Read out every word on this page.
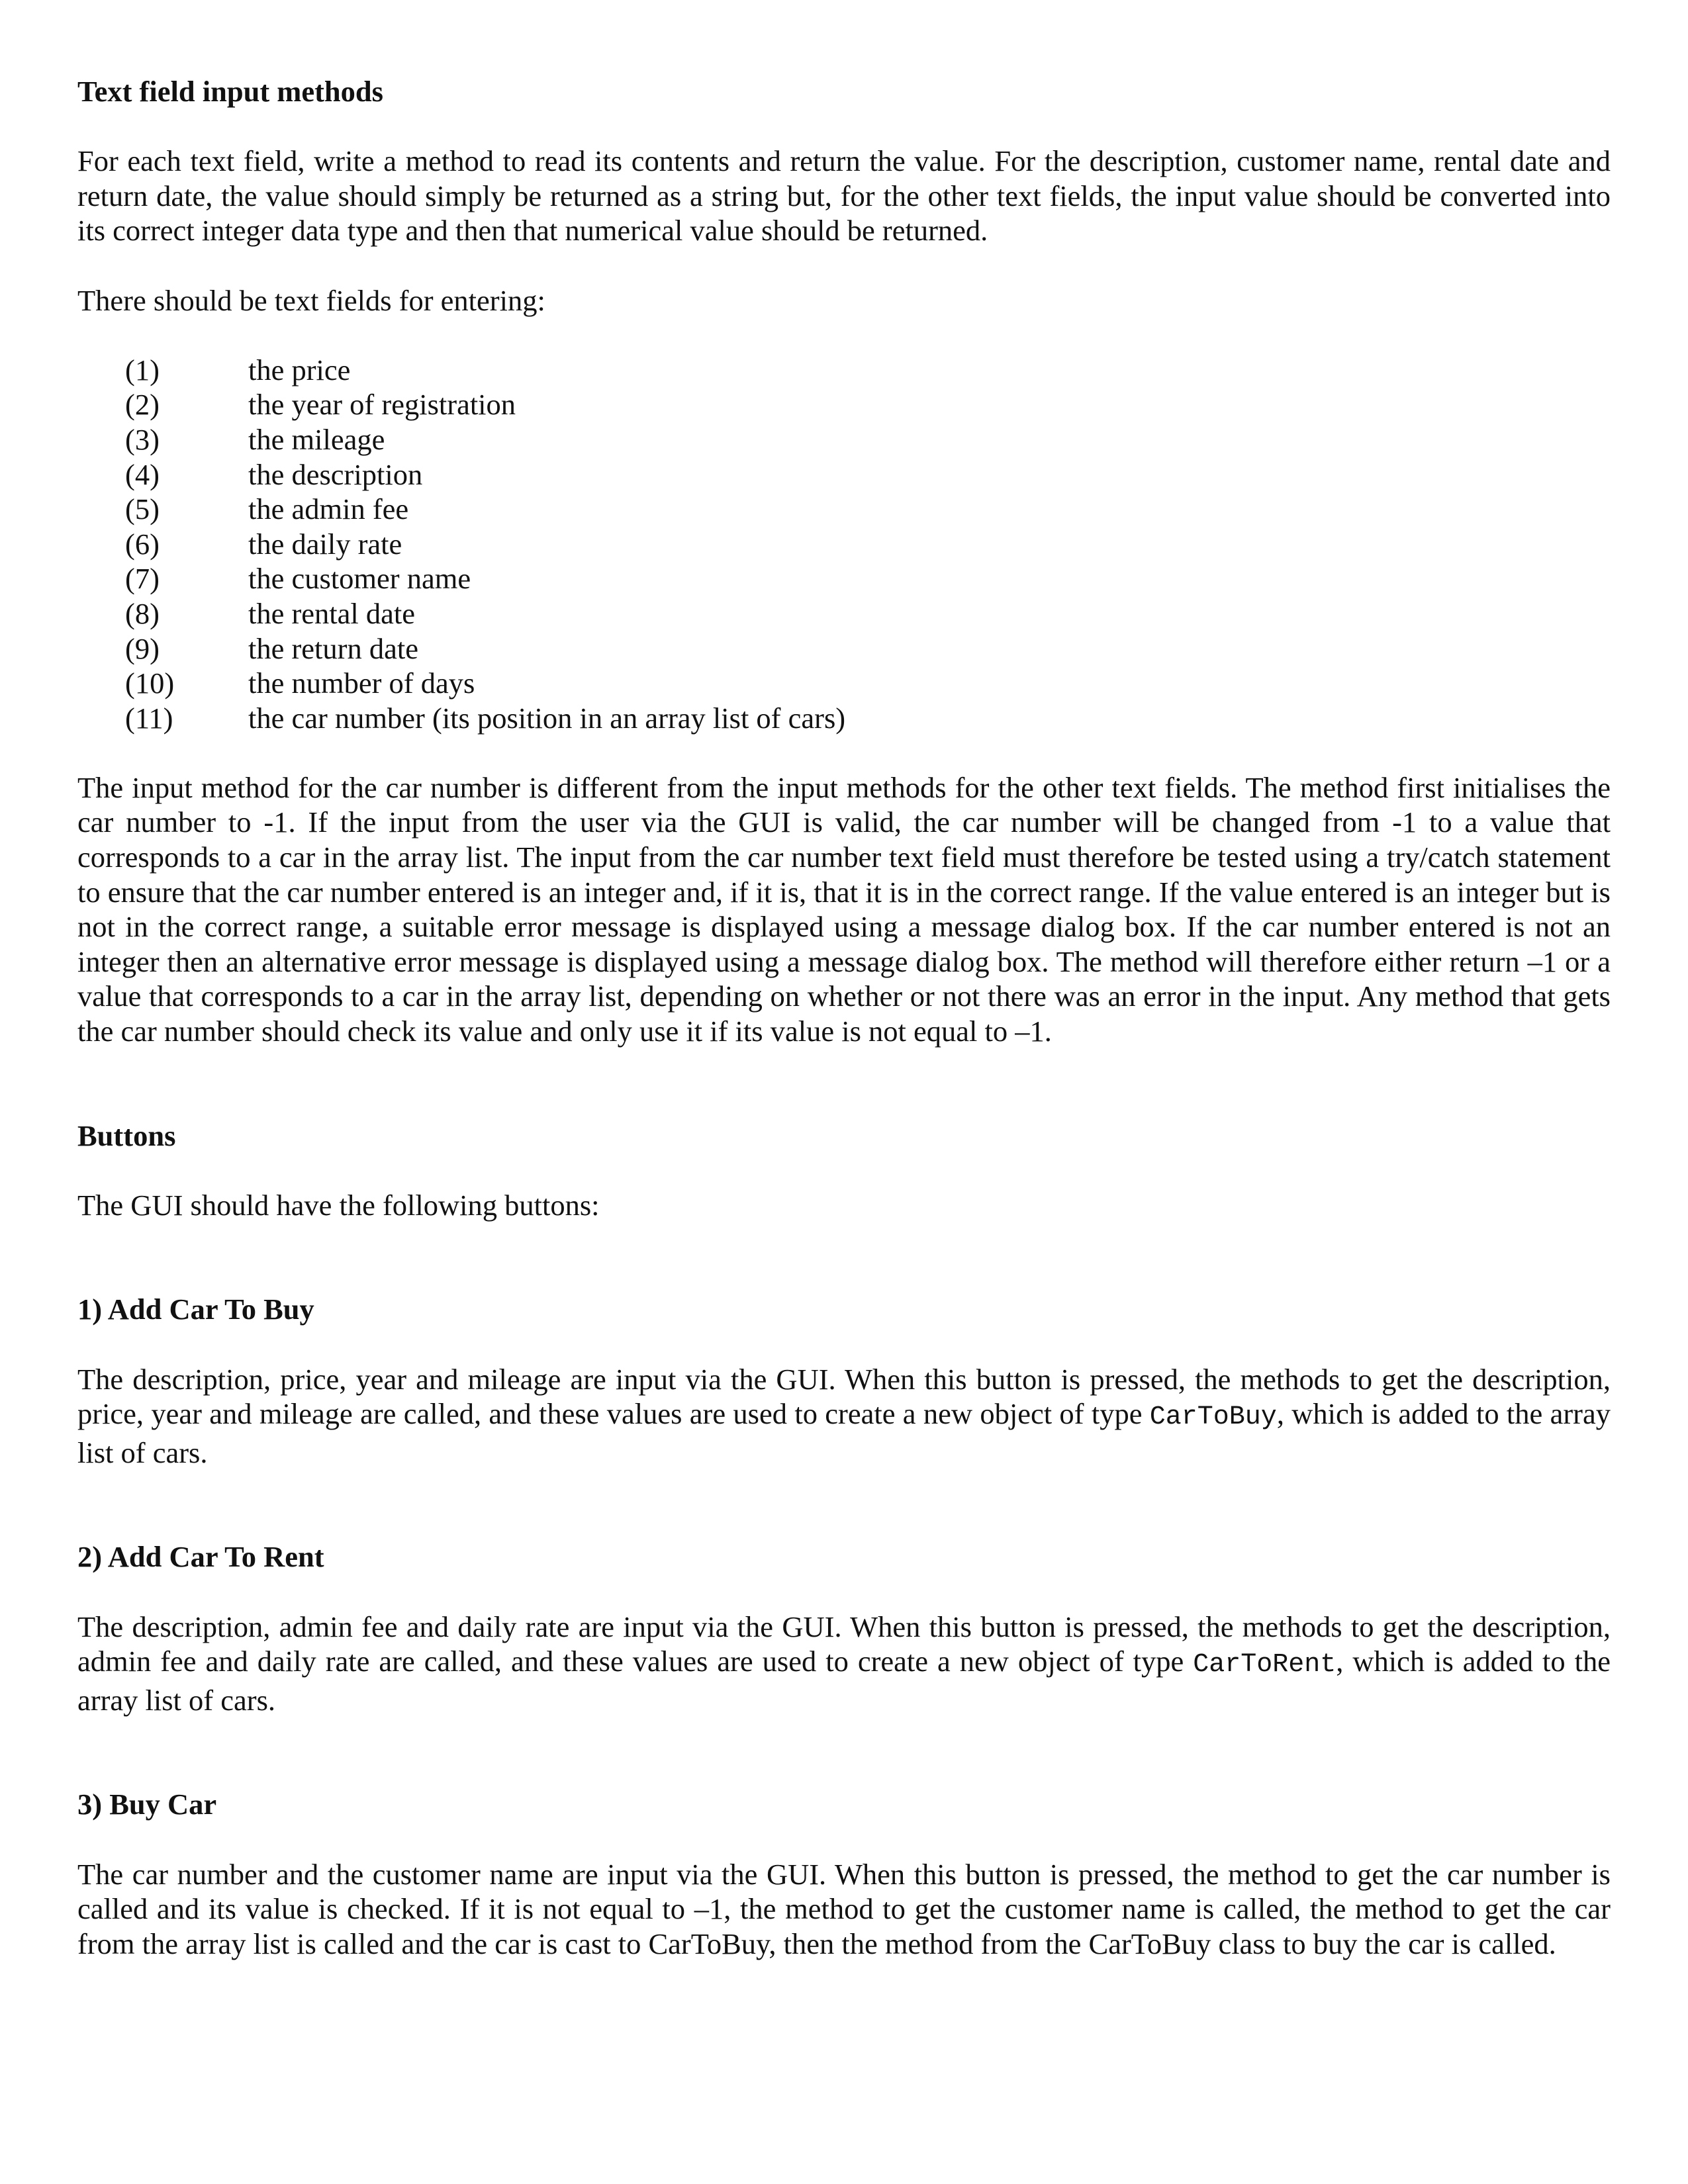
Text field input methods

For each text field, write a method to read its contents and return the value. For the description, customer name, rental date and return date, the value should simply be returned as a string but, for the other text fields, the input value should be converted into its correct integer data type and then that numerical value should be returned.

There should be text fields for entering:

(1)	the price
(2)	the year of registration
(3)	the mileage
(4)	the description
(5)	the admin fee
(6)	the daily rate
(7)	the customer name
(8)	the rental date
(9)	the return date
(10)	the number of days
(11)	the car number (its position in an array list of cars)

The input method for the car number is different from the input methods for the other text fields. The method first initialises the car number to -1. If the input from the user via the GUI is valid, the car number will be changed from -1 to a value that corresponds to a car in the array list. The input from the car number text field must therefore be tested using a try/catch statement to ensure that the car number entered is an integer and, if it is, that it is in the correct range. If the value entered is an integer but is not in the correct range, a suitable error message is displayed using a message dialog box. If the car number entered is not an integer then an alternative error message is displayed using a message dialog box. The method will therefore either return –1 or a value that corresponds to a car in the array list, depending on whether or not there was an error in the input. Any method that gets the car number should check its value and only use it if its value is not equal to –1.

Buttons

The GUI should have the following buttons:

1) Add Car To Buy

The description, price, year and mileage are input via the GUI. When this button is pressed, the methods to get the description, price, year and mileage are called, and these values are used to create a new object of type CarToBuy, which is added to the array list of cars.

2) Add Car To Rent

The description, admin fee and daily rate are input via the GUI. When this button is pressed, the methods to get the description, admin fee and daily rate are called, and these values are used to create a new object of type CarToRent, which is added to the array list of cars.

3) Buy Car

The car number and the customer name are input via the GUI. When this button is pressed, the method to get the car number is called and its value is checked. If it is not equal to –1, the method to get the customer name is called, the method to get the car from the array list is called and the car is cast to CarToBuy, then the method from the CarToBuy class to buy the car is called.
